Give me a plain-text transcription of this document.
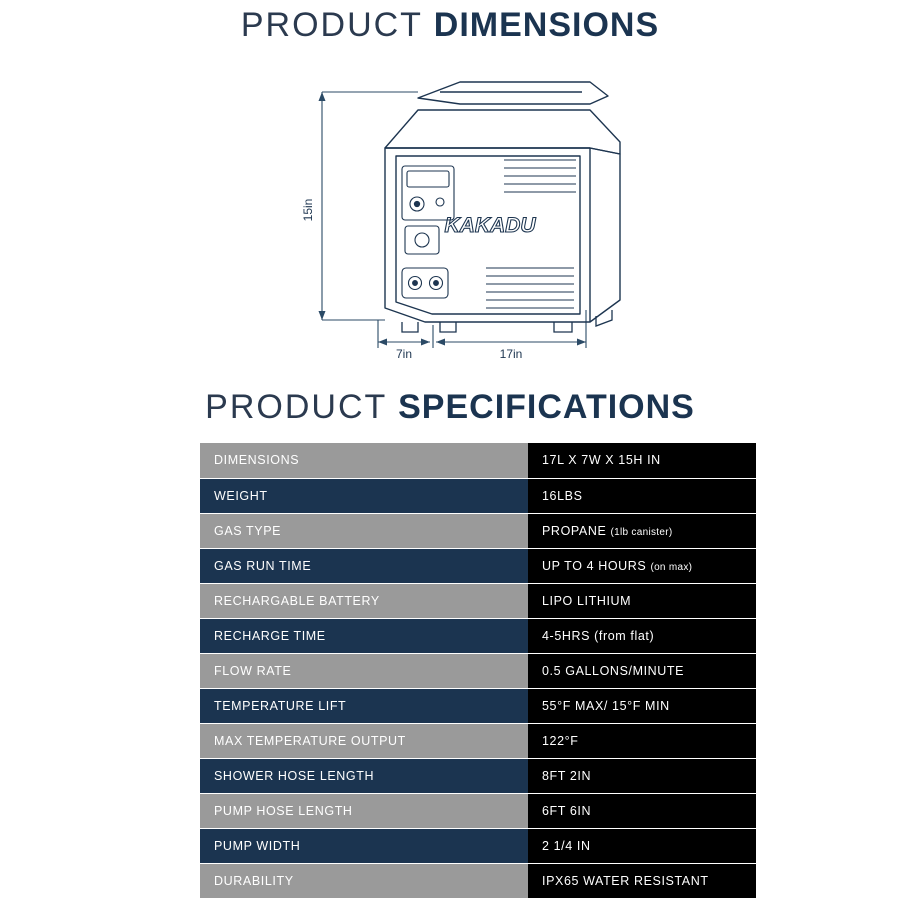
PRODUCT DIMENSIONS
KAKADU
15in
7in	17in
PRODUCT SPECIFICATIONS
DIMENSIONS	17L X 7W X 15H IN
WEIGHT	16LBS
GAS TYPE	PROPANE (1lb canister)
GAS RUN TIME	UP TO 4 HOURS (on max)
RECHARGABLE BATTERY	LIPO LITHIUM
RECHARGE TIME	4-5HRS (from flat)
FLOW RATE	0.5 GALLONS/MINUTE
TEMPERATURE LIFT	55°F MAX/ 15°F MIN
MAX TEMPERATURE OUTPUT	122°F
SHOWER HOSE LENGTH	8FT 2IN
PUMP HOSE LENGTH	6FT 6IN
PUMP WIDTH	2 1/4 IN
DURABILITY	IPX65 WATER RESISTANT
